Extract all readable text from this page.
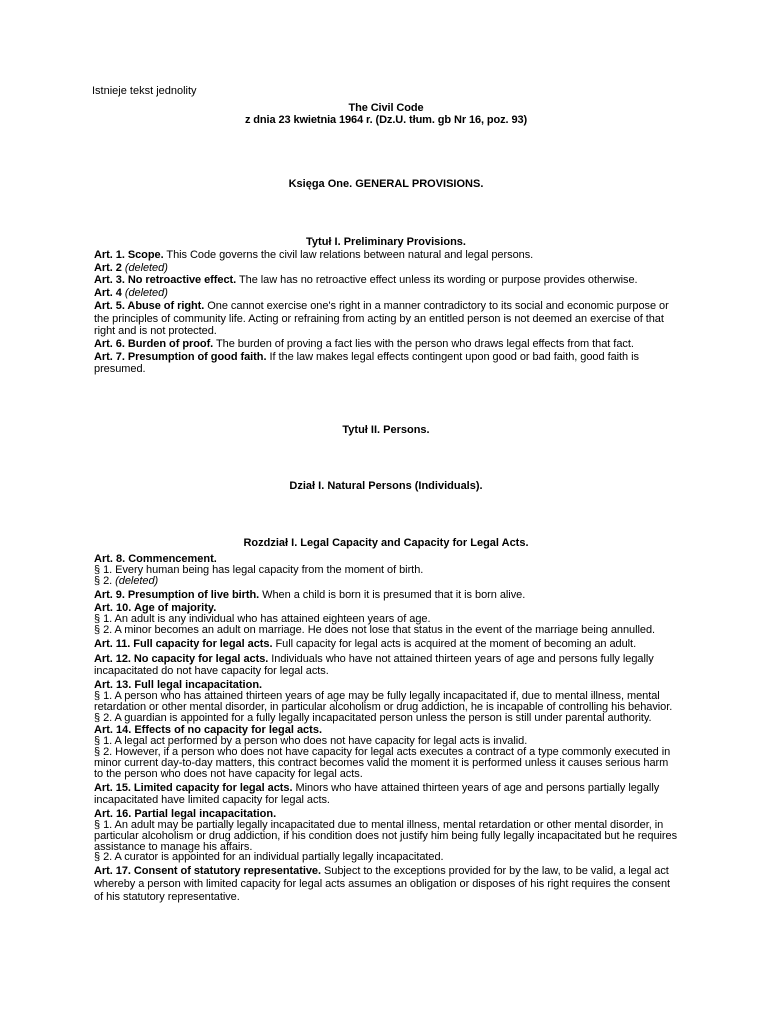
Istnieje tekst jednolity
The Civil Code
z dnia 23 kwietnia 1964 r. (Dz.U. tłum. gb Nr 16, poz. 93)
Księga One. GENERAL PROVISIONS.
Tytuł I. Preliminary Provisions.

Art. 1. Scope. This Code governs the civil law relations between natural and legal persons.

Art. 2 (deleted)

Art. 3. No retroactive effect. The law has no retroactive effect unless its wording or purpose provides otherwise.

Art. 4 (deleted)

Art. 5. Abuse of right. One cannot exercise one's right in a manner contradictory to its social and economic purpose or the principles of community life. Acting or refraining from acting by an entitled person is not deemed an exercise of that right and is not protected.

Art. 6. Burden of proof. The burden of proving a fact lies with the person who draws legal effects from that fact.

Art. 7. Presumption of good faith. If the law makes legal effects contingent upon good or bad faith, good faith is presumed.

Tytuł II. Persons.
Dział I. Natural Persons (Individuals).
Rozdział I. Legal Capacity and Capacity for Legal Acts.
Art. 8. Commencement.

§ 1. Every human being has legal capacity from the moment of birth.

§ 2. (deleted)

Art. 9. Presumption of live birth. When a child is born it is presumed that it is born alive.

Art. 10. Age of majority.

§ 1. An adult is any individual who has attained eighteen years of age.

§ 2. A minor becomes an adult on marriage. He does not lose that status in the event of the marriage being annulled.

Art. 11. Full capacity for legal acts. Full capacity for legal acts is acquired at the moment of becoming an adult.

Art. 12. No capacity for legal acts. Individuals who have not attained thirteen years of age and persons fully legally incapacitated do not have capacity for legal acts.

Art. 13. Full legal incapacitation.

§ 1. A person who has attained thirteen years of age may be fully legally incapacitated if, due to mental illness, mental retardation or other mental disorder, in particular alcoholism or drug addiction, he is incapable of controlling his behavior.

§ 2. A guardian is appointed for a fully legally incapacitated person unless the person is still under parental authority.

Art. 14. Effects of no capacity for legal acts.

§ 1. A legal act performed by a person who does not have capacity for legal acts is invalid.

§ 2. However, if a person who does not have capacity for legal acts executes a contract of a type commonly executed in minor current day-to-day matters, this contract becomes valid the moment it is performed unless it causes serious harm to the person who does not have capacity for legal acts.

Art. 15. Limited capacity for legal acts. Minors who have attained thirteen years of age and persons partially legally incapacitated have limited capacity for legal acts.

Art. 16. Partial legal incapacitation.

§ 1. An adult may be partially legally incapacitated due to mental illness, mental retardation or other mental disorder, in particular alcoholism or drug addiction, if his condition does not justify him being fully legally incapacitated but he requires assistance to manage his affairs.

§ 2. A curator is appointed for an individual partially legally incapacitated.

Art. 17. Consent of statutory representative. Subject to the exceptions provided for by the law, to be valid, a legal act whereby a person with limited capacity for legal acts assumes an obligation or disposes of his right requires the consent of his statutory representative.
